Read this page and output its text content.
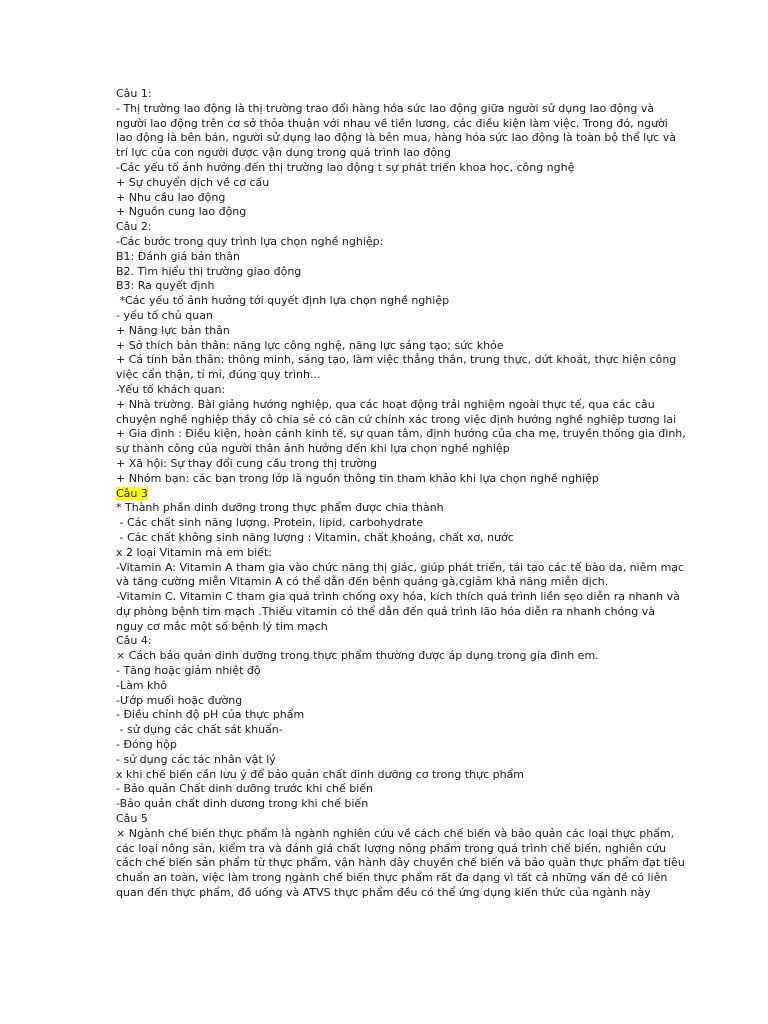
Câu 1:
- Thị trường lao động là thị trường trao đổi hàng hóa sức lao động giữa người sử dụng lao động và
người lao động trên cơ sở thỏa thuận với nhau về tiền lương, các điều kiện làm việc. Trong đó, người
lao động là bên bán, người sử dụng lao động là bên mua, hàng hóa sức lao động là toàn bộ thể lực và
trí lực của con người được vận dụng trong quá trình lao động
-Các yếu tố ảnh hưởng đến thị trường lao động t sự phát triển khoa học, công nghệ
+ Sự chuyển dịch về cơ cấu
+ Nhu cầu lao động
+ Nguồn cung lao động
Câu 2:
-Các bước trong quy trình lựa chọn nghề nghiệp:
B1: Đánh giá bản thân
B2. Tìm hiểu thị trường giao động
B3: Ra quyết định
*Các yếu tố ảnh hưởng tới quyết định lựa chọn nghề nghiệp
- yếu tố chủ quan
+ Năng lực bản thân
+ Sở thích bản thân: năng lực công nghệ, năng lực sáng tạo; sức khỏe
+ Cá tính bản thân: thông minh, sáng tạo, làm việc thẳng thắn, trung thực, dứt khoát, thực hiện công
việc cẩn thận, tỉ mỉ, đúng quy trình...
-Yếu tố khách quan:
+ Nhà trường. Bài giảng hướng nghiệp, qua các hoạt động trải nghiệm ngoài thực tế, qua các câu
chuyện nghề nghiệp thầy cô chia sẻ có căn cứ chính xác trong việc định hướng nghề nghiệp tương lai
+ Gia đình : Điều kiện, hoàn cảnh kinh tế, sự quan tâm, định hướng của cha mẹ, truyền thống gia đình,
sự thành công của người thân ảnh hưởng đến khi lựa chọn nghề nghiệp
+ Xã hội: Sự thay đổi cung cầu trong thị trường
+ Nhóm bạn: các bạn trong lớp là nguồn thông tin tham khảo khi lựa chọn nghề nghiệp
Câu 3
* Thành phần dinh dưỡng trong thực phẩm được chia thành
- Các chất sinh năng lượng. Protein, lipid, carbohydrate
- Các chất không sinh năng lượng : Vitamin, chất khoáng, chất xơ, nước
x 2 loại Vitamin mà em biết:
-Vitamin A: Vitamin A tham gia vào chức năng thị giác, giúp phát triển, tái tạo các tế bào da, niêm mạc
và tăng cường miễn Vitamin A có thể dẫn đến bệnh quáng gà,cgiảm khả năng miễn dịch.
-Vitamin C. Vitamin C tham gia quá trình chống oxy hóa, kích thích quá trình liền sẹo diễn ra nhanh và
dự phòng bệnh tim mạch .Thiếu vitamin có thể dẫn đến quá trình lão hóa diễn ra nhanh chóng và
nguy cơ mắc một số bệnh lý tim mạch
Câu 4:
× Cách bảo quản dinh dưỡng trong thực phẩm thường được áp dụng trong gia đình em.
- Tăng hoặc giảm nhiệt độ
-Làm khô
-Ướp muối hoặc đường
- Điều chỉnh độ pH của thực phẩm
- sử dụng các chất sát khuẩn-
- Đóng hộp
- sử dụng các tác nhân vật lý
x khi chế biến cần lưu ý để bảo quản chất dinh dưỡng cơ trong thực phẩm
- Bảo quản Chất dinh dưỡng trước khi chế biến
-Bảo quản chất dinh dương trong khi chế biến
Câu 5
× Ngành chế biến thực phẩm là ngành nghiên cứu về cách chế biến và bảo quản các loại thực phẩm,
các loại nông sản, kiểm tra và đánh giá chất lượng nông phẩm trong quá trình chế biến, nghiên cứu
cách chế biến sản phẩm từ thực phẩm, vận hành dây chuyền chế biến và bảo quản thực phẩm đạt tiêu
chuẩn an toàn, việc làm trong ngành chế biến thực phẩm rất đa dạng vì tất cả những vấn đề có liên
quan đến thực phẩm, đồ uống và ATVS thực phẩm đều có thể ứng dụng kiến thức của ngành này
